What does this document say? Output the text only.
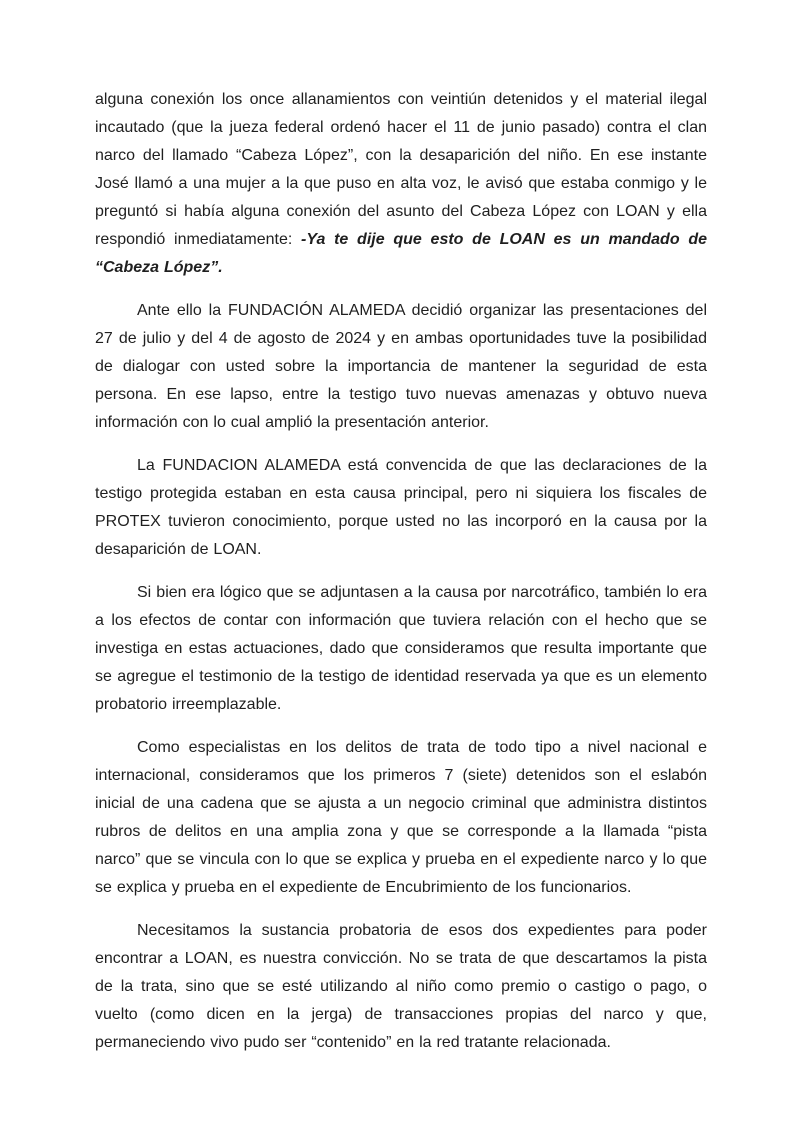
alguna conexión los once allanamientos con veintiún detenidos y el material ilegal incautado (que la jueza federal ordenó hacer el 11 de junio pasado) contra el clan narco del llamado “Cabeza López”, con la desaparición del niño. En ese instante José llamó a una mujer a la que puso en alta voz, le avisó que estaba conmigo y le preguntó si había alguna conexión del asunto del Cabeza López con LOAN y ella respondió inmediatamente: -Ya te dije que esto de LOAN es un mandado de “Cabeza López”.

Ante ello la FUNDACIÓN ALAMEDA decidió organizar las presentaciones del 27 de julio y del 4 de agosto de 2024 y en ambas oportunidades tuve la posibilidad de dialogar con usted sobre la importancia de mantener la seguridad de esta persona. En ese lapso, entre la testigo tuvo nuevas amenazas y obtuvo nueva información con lo cual amplió la presentación anterior.

La FUNDACION ALAMEDA está convencida de que las declaraciones de la testigo protegida estaban en esta causa principal, pero ni siquiera los fiscales de PROTEX tuvieron conocimiento, porque usted no las incorporó en la causa por la desaparición de LOAN.

Si bien era lógico que se adjuntasen a la causa por narcotráfico, también lo era a los efectos de contar con información que tuviera relación con el hecho que se investiga en estas actuaciones, dado que consideramos que resulta importante que se agregue el testimonio de la testigo de identidad reservada ya que es un elemento probatorio irreemplazable.

Como especialistas en los delitos de trata de todo tipo a nivel nacional e internacional, consideramos que los primeros 7 (siete) detenidos son el eslabón inicial de una cadena que se ajusta a un negocio criminal que administra distintos rubros de delitos en una amplia zona y que se corresponde a la llamada “pista narco” que se vincula con lo que se explica y prueba en el expediente narco y lo que se explica y prueba en el expediente de Encubrimiento de los funcionarios.

Necesitamos la sustancia probatoria de esos dos expedientes para poder encontrar a LOAN, es nuestra convicción. No se trata de que descartamos la pista de la trata, sino que se esté utilizando al niño como premio o castigo o pago, o vuelto (como dicen en la jerga) de transacciones propias del narco y que, permaneciendo vivo pudo ser “contenido” en la red tratante relacionada.
